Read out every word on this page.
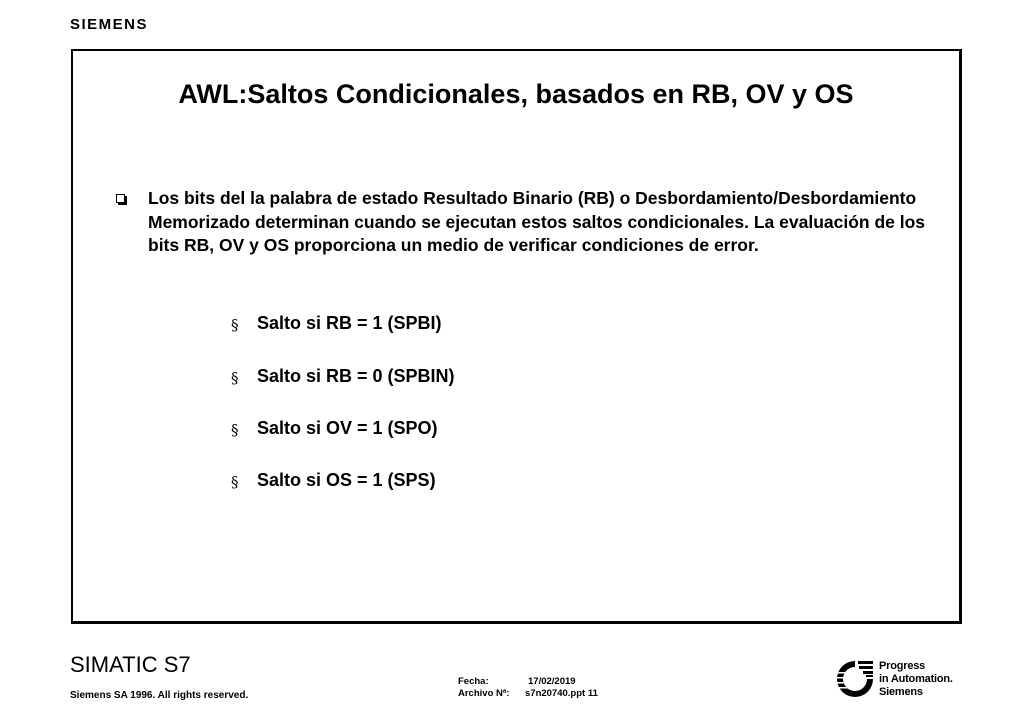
SIEMENS
AWL:Saltos Condicionales, basados en RB, OV y OS
Los bits del la palabra de estado Resultado Binario (RB) o Desbordamiento/Desbordamiento Memorizado determinan cuando se ejecutan estos saltos condicionales. La evaluación de los bits RB, OV y OS proporciona un medio de verificar condiciones de error.
§ Salto si RB = 1 (SPBI)
§ Salto si RB = 0 (SPBIN)
§ Salto si OV = 1 (SPO)
§ Salto si OS = 1 (SPS)
SIMATIC S7
Siemens SA 1996. All rights reserved.
Fecha:	17/02/2019
Archivo Nª: s7n20740.ppt 11
Progress
in Automation.
Siemens
